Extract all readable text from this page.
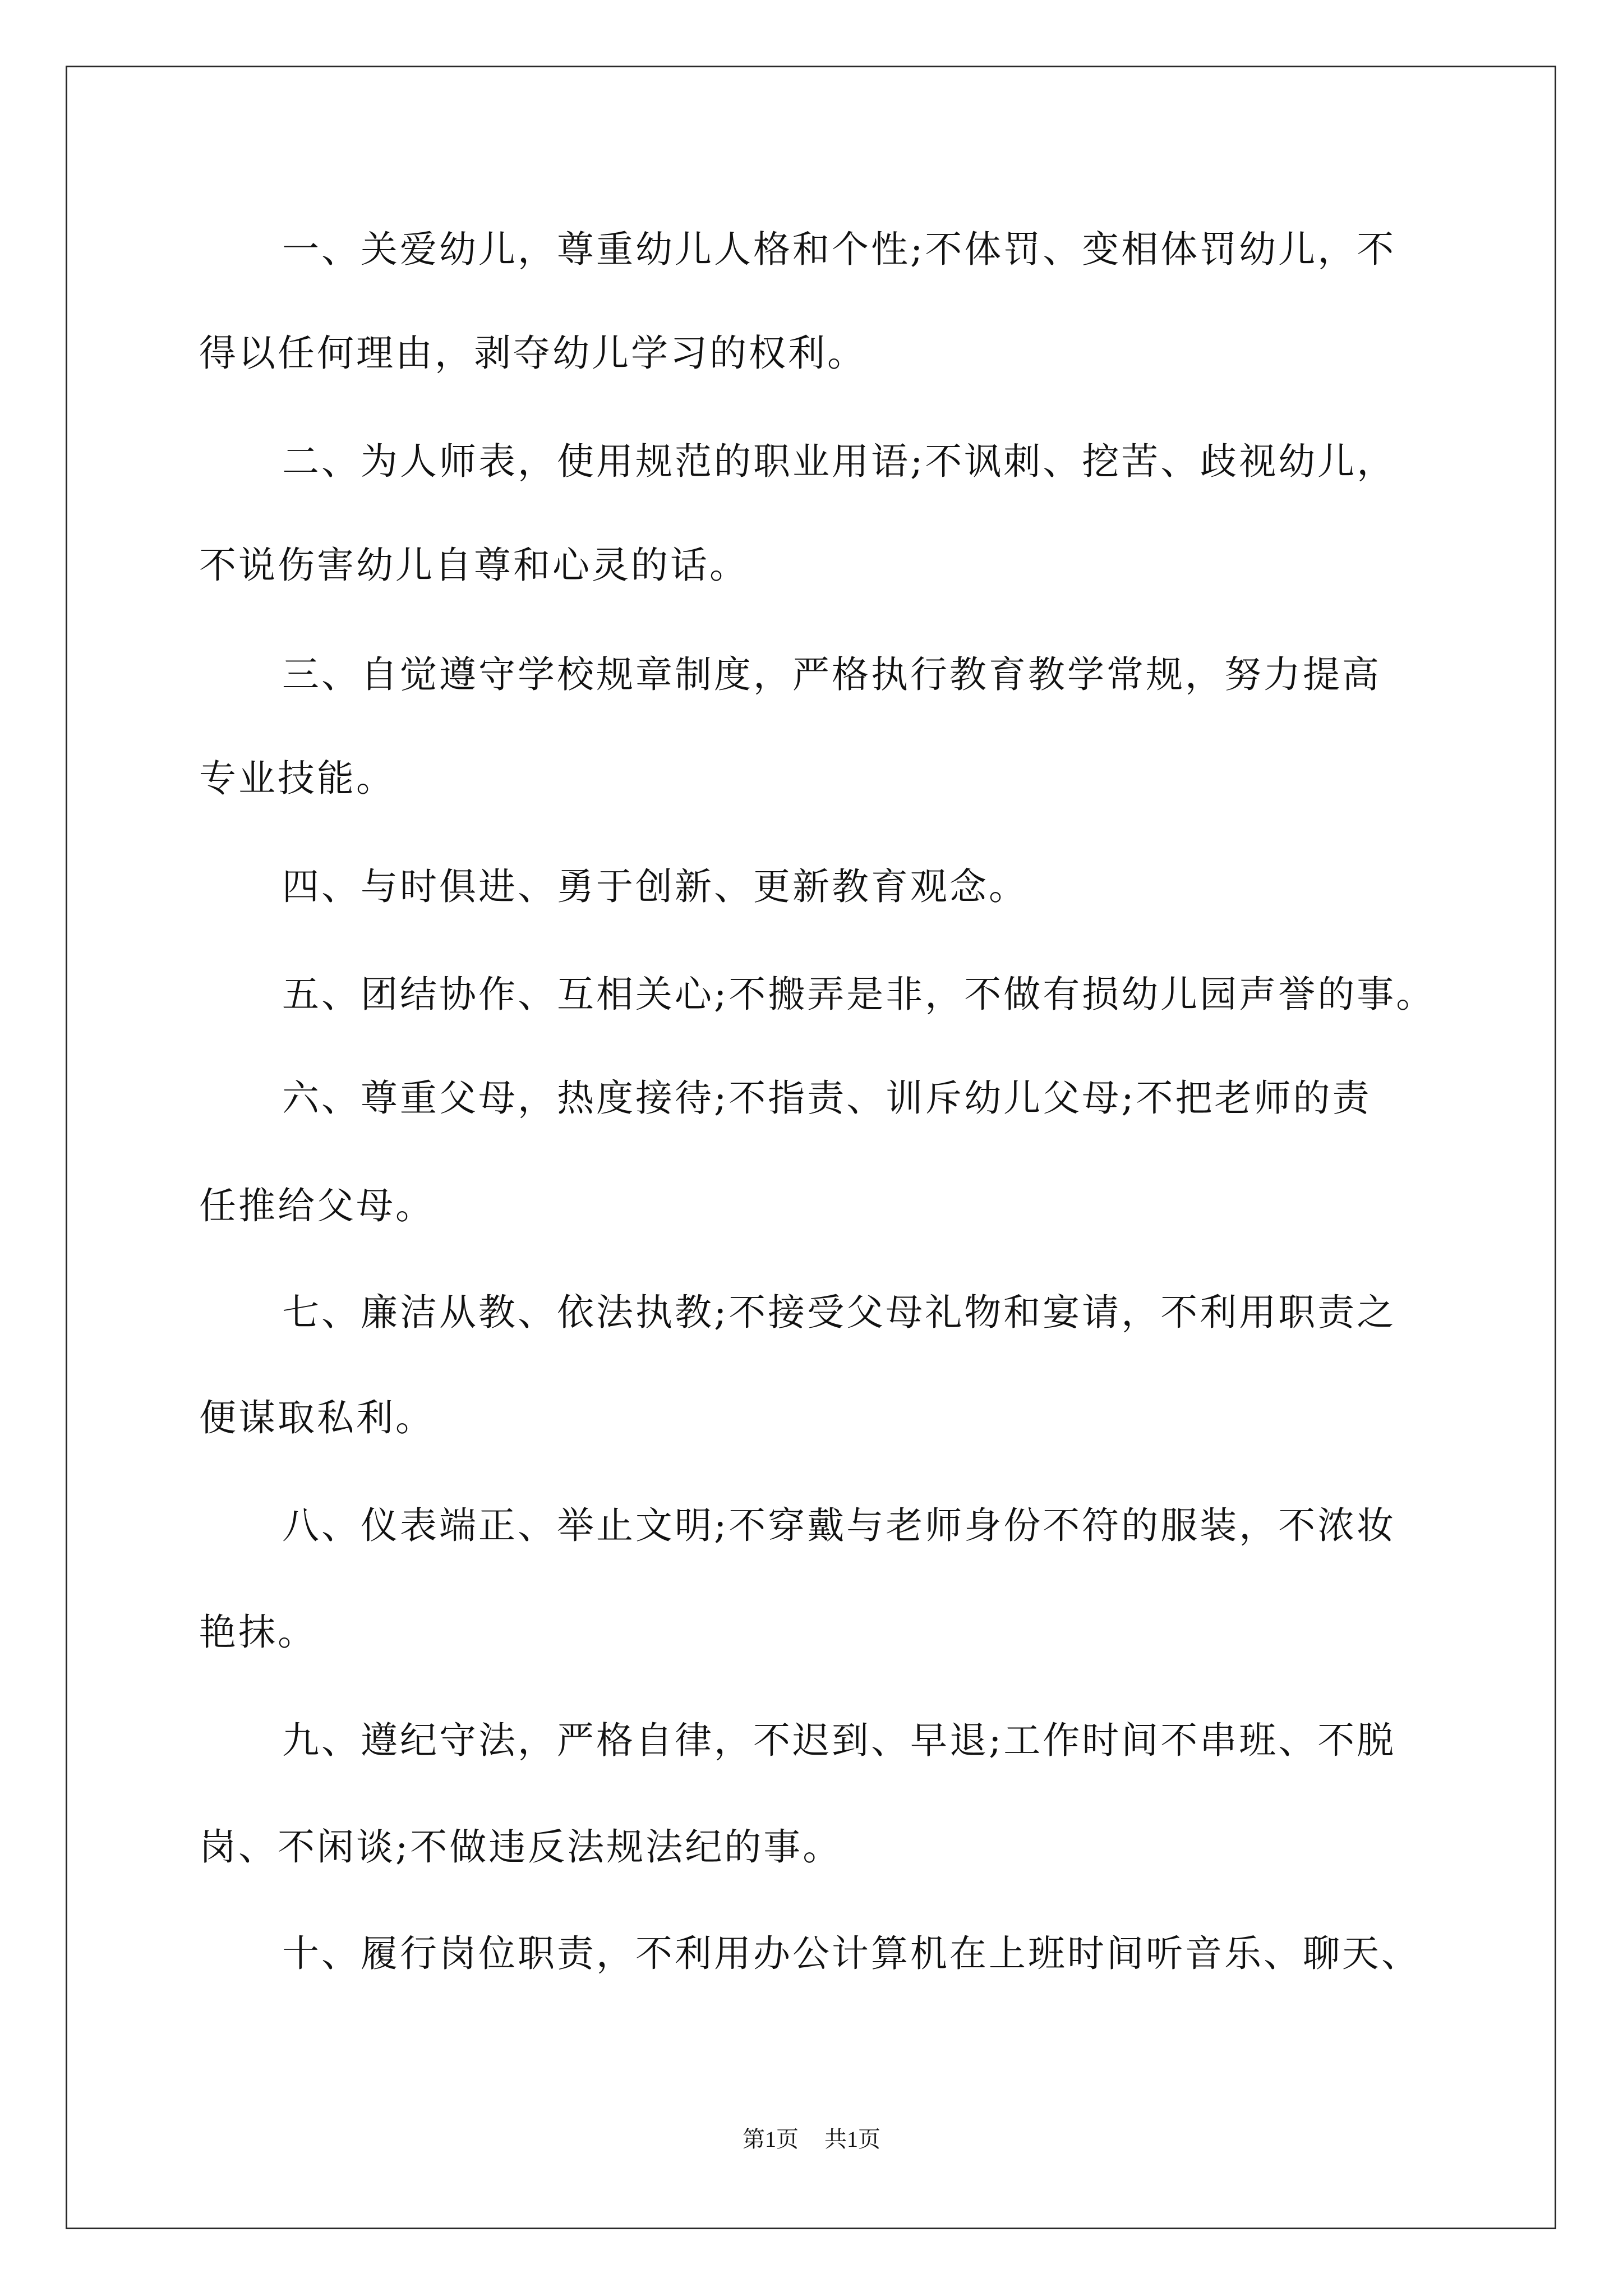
一、关爱幼儿，尊重幼儿人格和个性;不体罚、变相体罚幼儿，不
得以任何理由，剥夺幼儿学习的权利。
二、为人师表，使用规范的职业用语;不讽刺、挖苦、歧视幼儿，
不说伤害幼儿自尊和心灵的话。
三、自觉遵守学校规章制度，严格执行教育教学常规，努力提高
专业技能。
四、与时俱进、勇于创新、更新教育观念。
五、团结协作、互相关心;不搬弄是非，不做有损幼儿园声誉的事。
六、尊重父母，热度接待;不指责、训斥幼儿父母;不把老师的责
任推给父母。
七、廉洁从教、依法执教;不接受父母礼物和宴请，不利用职责之
便谋取私利。
八、仪表端正、举止文明;不穿戴与老师身份不符的服装，不浓妆
艳抹。
九、遵纪守法，严格自律，不迟到、早退;工作时间不串班、不脱
岗、不闲谈;不做违反法规法纪的事。
十、履行岗位职责，不利用办公计算机在上班时间听音乐、聊天、
第1页 共1页
